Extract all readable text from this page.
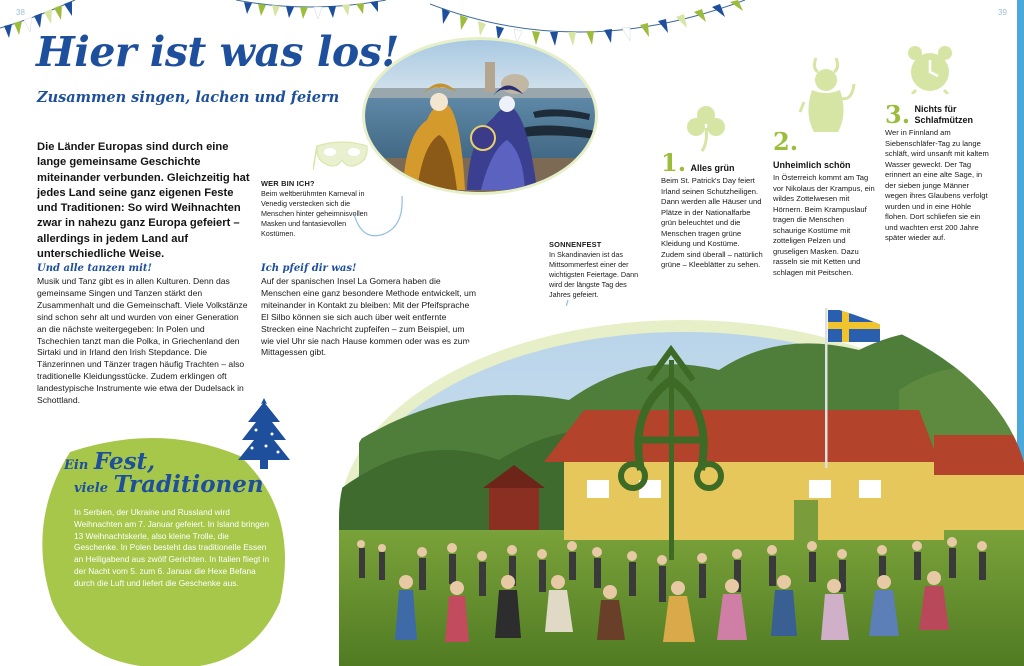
38	39
Hier ist was los!
Zusammen singen, lachen und feiern

Die Länder Europas sind durch eine lange gemeinsame Geschichte miteinander verbunden. Gleichzeitig hat jedes Land seine ganz eigenen Feste und Traditionen: So wird Weihnachten zwar in nahezu ganz Europa gefeiert – allerdings in jedem Land auf unterschiedliche Weise.

WER BIN ICH?
Beim weltberühmten Karneval in Venedig verstecken sich die Menschen hinter geheimnisvollen Masken und fantasievollen Kostümen.
Und alle tanzen mit!

Musik und Tanz gibt es in allen Kulturen. Denn das gemeinsame Singen und Tanzen stärkt den Zusammenhalt und die Gemeinschaft. Viele Volkstänze sind schon sehr alt und wurden von einer Generation an die nächste weitergegeben: In Polen und Tschechien tanzt man die Polka, in Griechenland den Sirtaki und in Irland den Irish Stepdance. Die Tänzerinnen und Tänzer tragen häufig Trachten – also traditionelle Kleidungsstücke. Zudem erklingen oft landestypische Instrumente wie etwa der Dudelsack in Schottland.

Ich pfeif dir was!

Auf der spanischen Insel La Gomera haben die Menschen eine ganz besondere Methode entwickelt, um miteinander in Kontakt zu bleiben: Mit der Pfeifsprache El Silbo können sie sich auch über weit entfernte Strecken eine Nachricht zupfeifen – zum Beispiel, um wie viel Uhr sie nach Hause kommen oder was es zum Mittagessen gibt.

SONNENFEST
In Skandinavien ist das Mittsommerfest einer der wichtigsten Feiertage. Dann wird der längste Tag des Jahres gefeiert.
1. Alles grün

Beim St. Patrick's Day feiert Irland seinen Schutzheiligen. Dann werden alle Häuser und Plätze in der Nationalfarbe grün beleuchtet und die Menschen tragen grüne Kleidung und Kostüme. Zudem sind überall – natürlich grüne – Kleeblätter zu sehen.

2. Unheimlich schön

In Österreich kommt am Tag vor Nikolaus der Krampus, ein wildes Zottelwesen mit Hörnern. Beim Krampuslauf tragen die Menschen schaurige Kostüme mit zotteligen Pelzen und gruseligen Masken. Dazu rasseln sie mit Ketten und schlagen mit Peitschen.

3. Nichts für Schlafmützen

Wer in Finnland am Siebenschläfer-Tag zu lange schläft, wird unsanft mit kaltem Wasser geweckt. Der Tag erinnert an eine alte Sage, in der sieben junge Männer wegen ihres Glaubens verfolgt wurden und in eine Höhle flohen. Dort schliefen sie ein und wachten erst 200 Jahre später wieder auf.

Ein Fest,
viele Traditionen

In Serbien, der Ukraine und Russland wird Weihnachten am 7. Januar gefeiert. In Island bringen 13 Weihnachtskerle, also kleine Trolle, die Geschenke. In Polen besteht das traditionelle Essen an Heiligabend aus zwölf Gerichten. In Italien fliegt in der Nacht vom 5. zum 6. Januar die Hexe Befana durch die Luft und liefert die Geschenke aus.
